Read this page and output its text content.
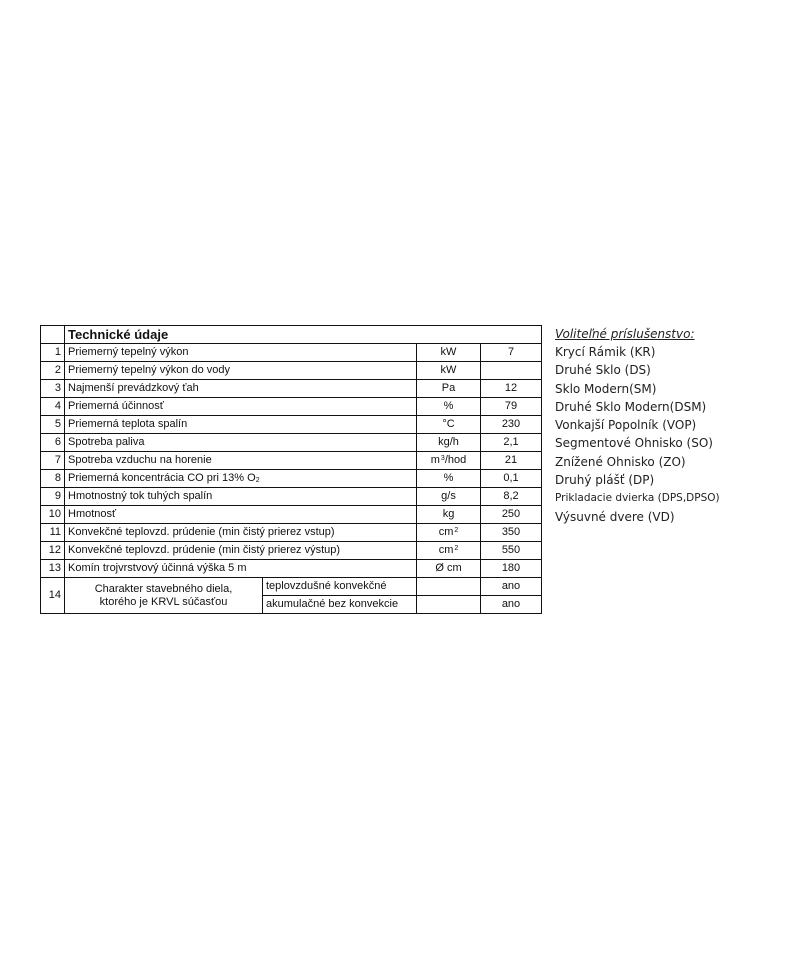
	Technické údaje			
1	Priemerný tepelný výkon		kW	7
2	Priemerný tepelný výkon do vody		kW	
3	Najmenší prevádzkový ťah		Pa	12
4	Priemerná účinnosť		%	79
5	Priemerná teplota spalín		°C	230
6	Spotreba paliva		kg/h	2,1
7	Spotreba vzduchu na horenie		$m^3$/hod	21
8	Priemerná koncentrácia CO pri 13% $O_2$		%	0,1
9	Hmotnostný tok tuhých spalín		g/s	8,2
10	Hmotnosť		kg	250
11	Konvekčné teplovzd. prúdenie (min čistý prierez vstup)		$cm^2$	350
12	Konvekčné teplovzd. prúdenie (min čistý prierez výstup)		$cm^2$	550
13	Komín trojvrstvový účinná výška 5 m		Ø cm	180
14	Charakter stavebného diela,
ktorého je KRVL súčasťou	teplovzdušné konvekčné		ano
		akumulačné bez konvekcie		ano
Voliteľné príslušenstvo:
Krycí Rámik (KR)
Druhé Sklo (DS)
Sklo Modern(SM)
Druhé Sklo Modern(DSM)
Vonkajší Popolník (VOP)
Segmentové Ohnisko (SO)
Znížené Ohnisko (ZO)
Druhý plášť (DP)
Prikladacie dvierka (DPS,DPSO)
Výsuvné dvere (VD)
